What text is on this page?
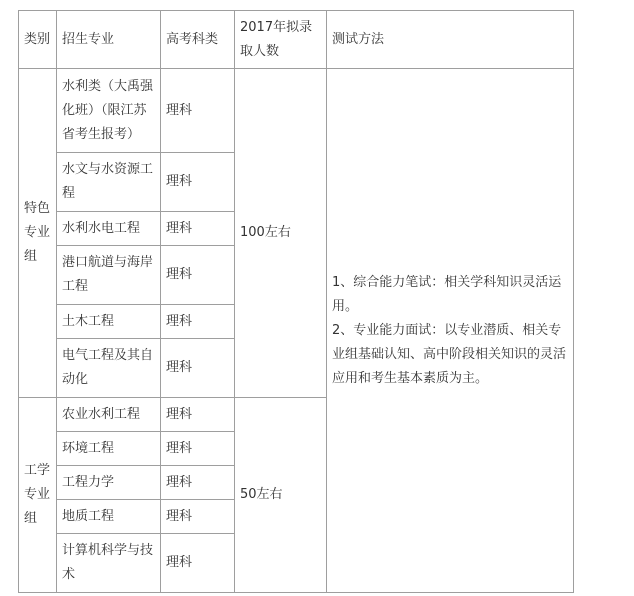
类别	招生专业	高考科类	2017年拟录取人数	测试方法
特色专业组	水利类（大禹强化班）（限江苏省考生报考）	理科	100左右	1、综合能力笔试：相关学科知识灵活运用。
2、专业能力面试：以专业潜质、相关专业组基础认知、高中阶段相关知识的灵活应用和考生基本素质为主。

	水文与水资源工程	理科		
	水利水电工程	理科		
	港口航道与海岸工程	理科		
	土木工程	理科		
	电气工程及其自动化	理科		
工学专业组	农业水利工程	理科	50左右	
	环境工程	理科		
	工程力学	理科		
	地质工程	理科		
	计算机科学与技术	理科		
